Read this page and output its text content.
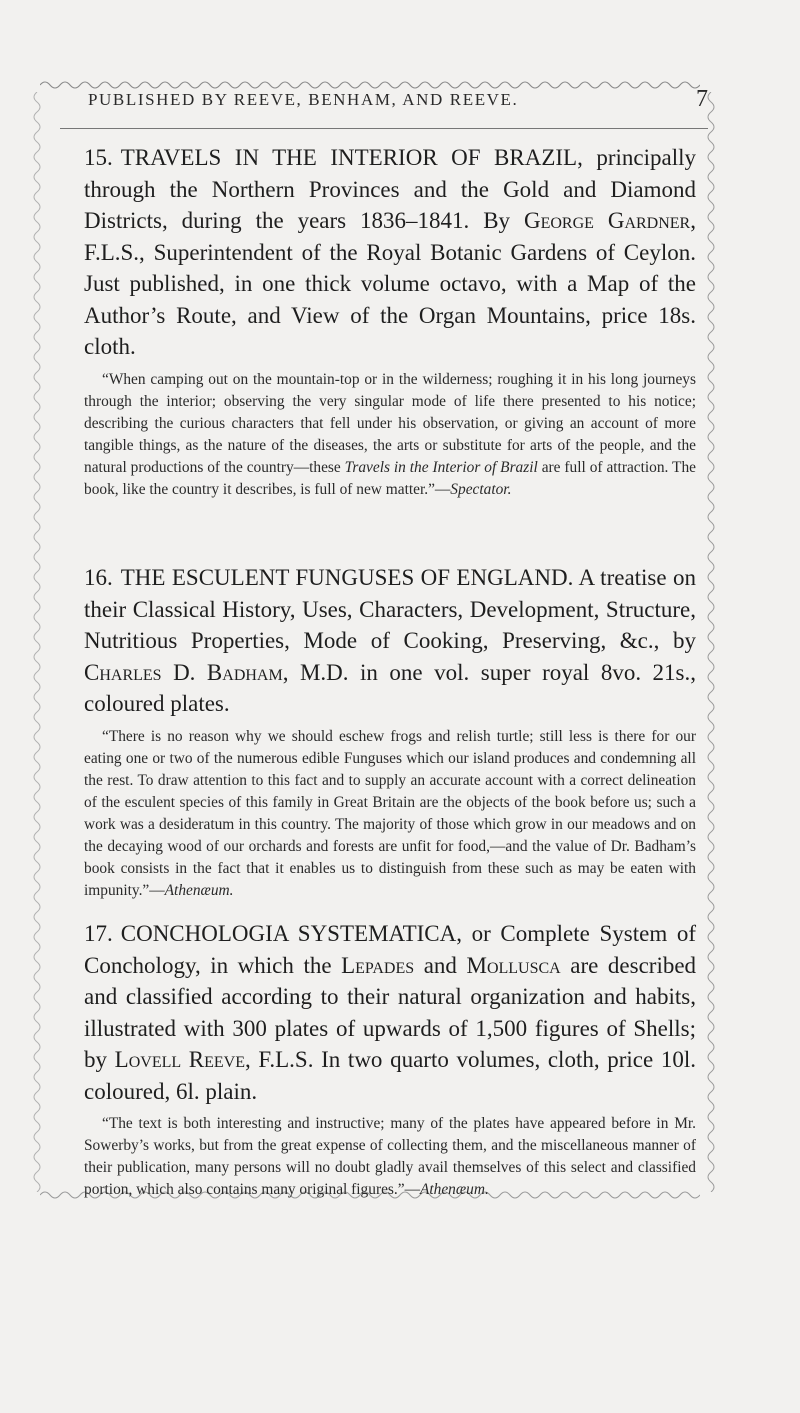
PUBLISHED BY REEVE, BENHAM, AND REEVE.	7
15. TRAVELS IN THE INTERIOR OF BRAZIL, principally through the Northern Provinces and the Gold and Diamond Districts, during the years 1836–1841. By George Gardner, F.L.S., Superintendent of the Royal Botanic Gardens of Ceylon. Just published, in one thick volume octavo, with a Map of the Author’s Route, and View of the Organ Mountains, price 18s. cloth.
“When camping out on the mountain-top or in the wilderness; roughing it in his long journeys through the interior; observing the very singular mode of life there presented to his notice; describing the curious characters that fell under his observation, or giving an account of more tangible things, as the nature of the diseases, the arts or substitute for arts of the people, and the natural productions of the country—these Travels in the Interior of Brazil are full of attraction. The book, like the country it describes, is full of new matter.”—Spectator.
16. THE ESCULENT FUNGUSES OF ENGLAND. A treatise on their Classical History, Uses, Characters, Development, Structure, Nutritious Properties, Mode of Cooking, Preserving, &c., by Charles D. Badham, M.D. in one vol. super royal 8vo. 21s., coloured plates.
“There is no reason why we should eschew frogs and relish turtle; still less is there for our eating one or two of the numerous edible Funguses which our island produces and condemning all the rest. To draw attention to this fact and to supply an accurate account with a correct delineation of the esculent species of this family in Great Britain are the objects of the book before us; such a work was a desideratum in this country. The majority of those which grow in our meadows and on the decaying wood of our orchards and forests are unfit for food,—and the value of Dr. Badham’s book consists in the fact that it enables us to distinguish from these such as may be eaten with impunity.”—Athenæum.
17. CONCHOLOGIA SYSTEMATICA, or Complete System of Conchology, in which the Lepades and Mollusca are described and classified according to their natural organization and habits, illustrated with 300 plates of upwards of 1,500 figures of Shells; by Lovell Reeve, F.L.S. In two quarto volumes, cloth, price 10l. coloured, 6l. plain.
“The text is both interesting and instructive; many of the plates have appeared before in Mr. Sowerby’s works, but from the great expense of collecting them, and the miscellaneous manner of their publication, many persons will no doubt gladly avail themselves of this select and classified portion, which also contains many original figures.”—Athenæum.
